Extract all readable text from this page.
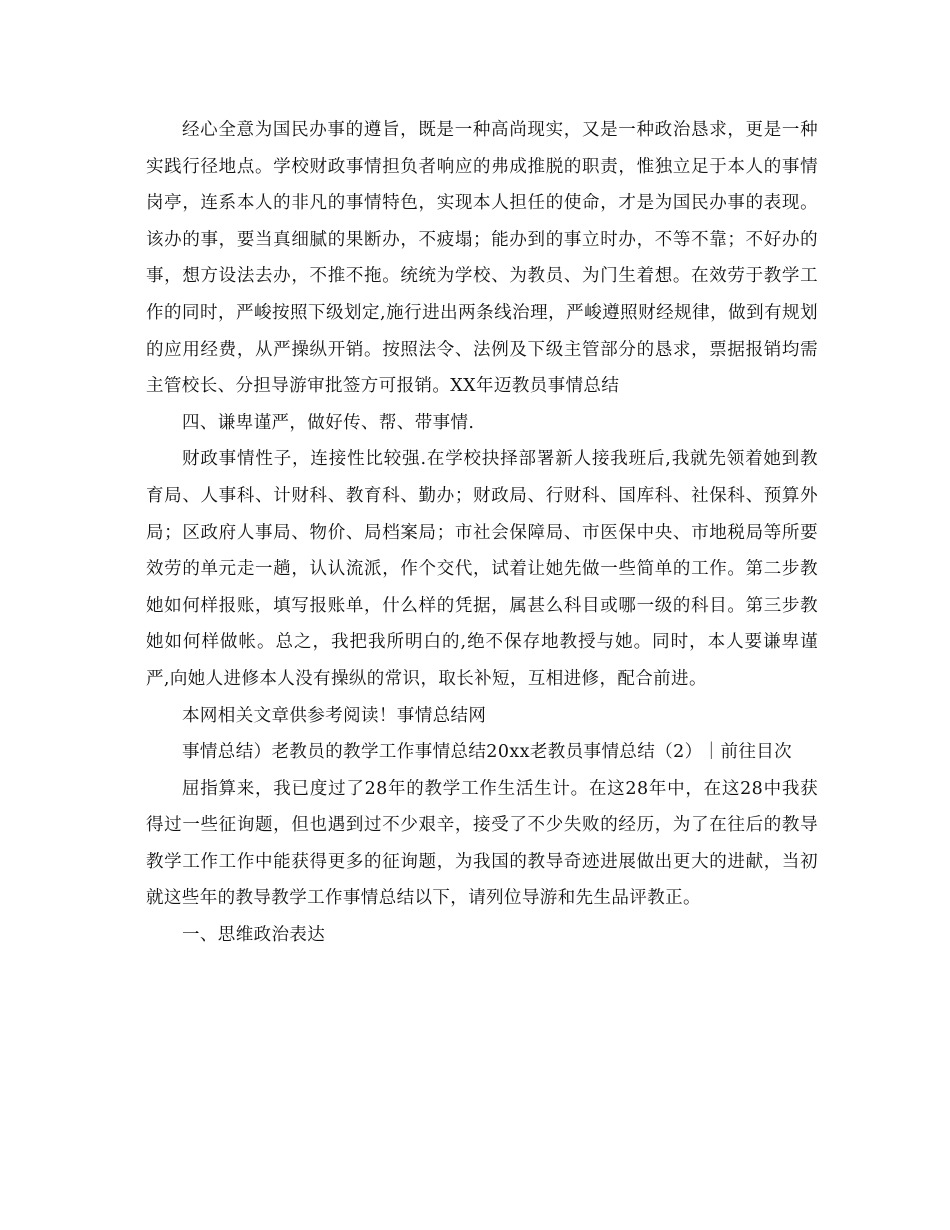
经心全意为国民办事的遵旨，既是一种高尚现实，又是一种政治恳求，更是一种实践行径地点。学校财政事情担负者响应的弗成推脱的职责，惟独立足于本人的事情岗亭，连系本人的非凡的事情特色，实现本人担任的使命，才是为国民办事的表现。该办的事，要当真细腻的果断办，不疲塌；能办到的事立时办，不等不靠；不好办的事，想方设法去办，不推不拖。统统为学校、为教员、为门生着想。在效劳于教学工作的同时，严峻按照下级划定,施行进出两条线治理，严峻遵照财经规律，做到有规划的应用经费，从严操纵开销。按照法令、法例及下级主管部分的恳求，票据报销均需主管校长、分担导游审批签方可报销。XX年迈教员事情总结

四、谦卑谨严，做好传、帮、带事情.

财政事情性子，连接性比较强.在学校抉择部署新人接我班后,我就先领着她到教育局、人事科、计财科、教育科、勤办；财政局、行财科、国库科、社保科、预算外局；区政府人事局、物价、局档案局；市社会保障局、市医保中央、市地税局等所要效劳的单元走一趟，认认流派，作个交代，试着让她先做一些简单的工作。第二步教她如何样报账，填写报账单，什么样的凭据，属甚么科目或哪一级的科目。第三步教她如何样做帐。总之，我把我所明白的,绝不保存地教授与她。同时，本人要谦卑谨严,向她人进修本人没有操纵的常识，取长补短，互相进修，配合前进。

本网相关文章供参考阅读！事情总结网

事情总结）老教员的教学工作事情总结20xx老教员事情总结（2）｜前往目次

屈指算来，我已度过了28年的教学工作生活生计。在这28年中，在这28中我获得过一些征询题，但也遇到过不少艰辛，接受了不少失败的经历，为了在往后的教导教学工作工作中能获得更多的征询题，为我国的教导奇迹进展做出更大的进献，当初就这些年的教导教学工作事情总结以下，请列位导游和先生品评教正。

一、思维政治表达
